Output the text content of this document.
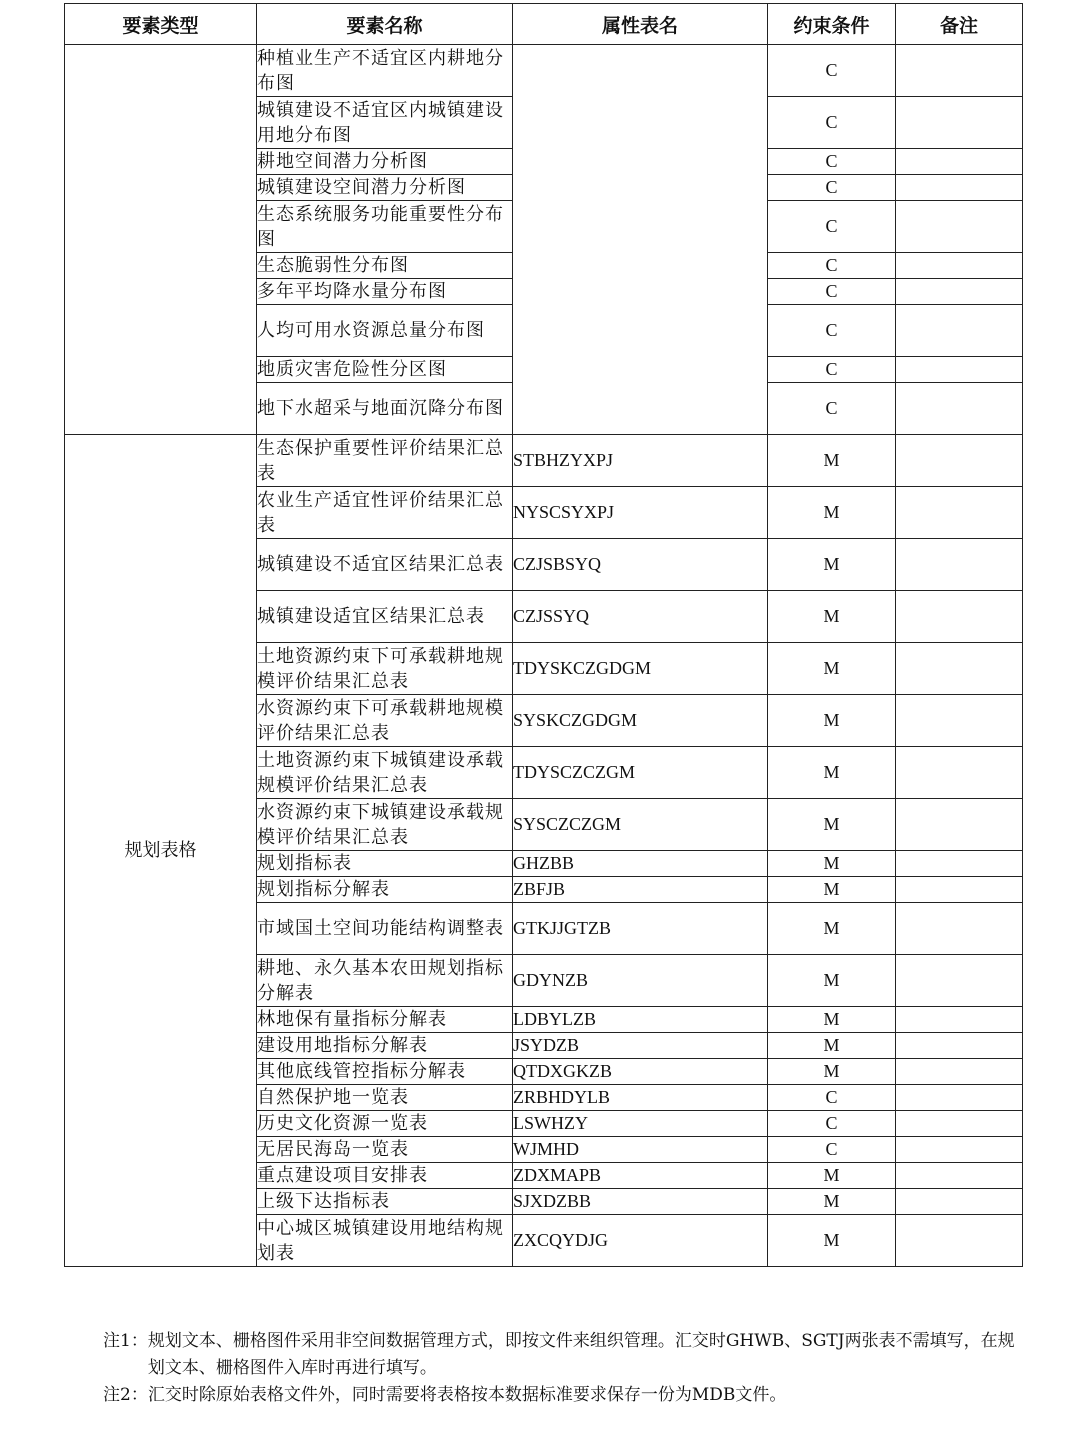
要素类型	要素名称	属性表名	约束条件	备注
	种植业生产不适宜区内耕地分布图		C	
	城镇建设不适宜区内城镇建设用地分布图		C	
	耕地空间潜力分析图		C	
	城镇建设空间潜力分析图		C	
	生态系统服务功能重要性分布图		C	
	生态脆弱性分布图		C	
	多年平均降水量分布图		C	
	人均可用水资源总量分布图		C	
	地质灾害危险性分区图		C	
	地下水超采与地面沉降分布图		C	
规划表格	生态保护重要性评价结果汇总表	STBHZYXPJ	M	
	农业生产适宜性评价结果汇总表	NYSCSYXPJ	M	
	城镇建设不适宜区结果汇总表	CZJSBSYQ	M	
	城镇建设适宜区结果汇总表	CZJSSYQ	M	
	土地资源约束下可承载耕地规模评价结果汇总表	TDYSKCZGDGM	M	
	水资源约束下可承载耕地规模评价结果汇总表	SYSKCZGDGM	M	
	土地资源约束下城镇建设承载规模评价结果汇总表	TDYSCZCZGM	M	
	水资源约束下城镇建设承载规模评价结果汇总表	SYSCZCZGM	M	
	规划指标表	GHZBB	M	
	规划指标分解表	ZBFJB	M	
	市域国土空间功能结构调整表	GTKJJGTZB	M	
	耕地、永久基本农田规划指标分解表	GDYNZB	M	
	林地保有量指标分解表	LDBYLZB	M	
	建设用地指标分解表	JSYDZB	M	
	其他底线管控指标分解表	QTDXGKZB	M	
	自然保护地一览表	ZRBHDYLB	C	
	历史文化资源一览表	LSWHZY	C	
	无居民海岛一览表	WJMHD	C	
	重点建设项目安排表	ZDXMAPB	M	
	上级下达指标表	SJXDZBB	M	
	中心城区城镇建设用地结构规划表	ZXCQYDJG	M	
注1： 规划文本、栅格图件采用非空间数据管理方式，即按文件来组织管理。汇交时GHWB、SGTJ两张表不需填写，在规划文本、栅格图件入库时再进行填写。
注2： 汇交时除原始表格文件外，同时需要将表格按本数据标准要求保存一份为MDB文件。
